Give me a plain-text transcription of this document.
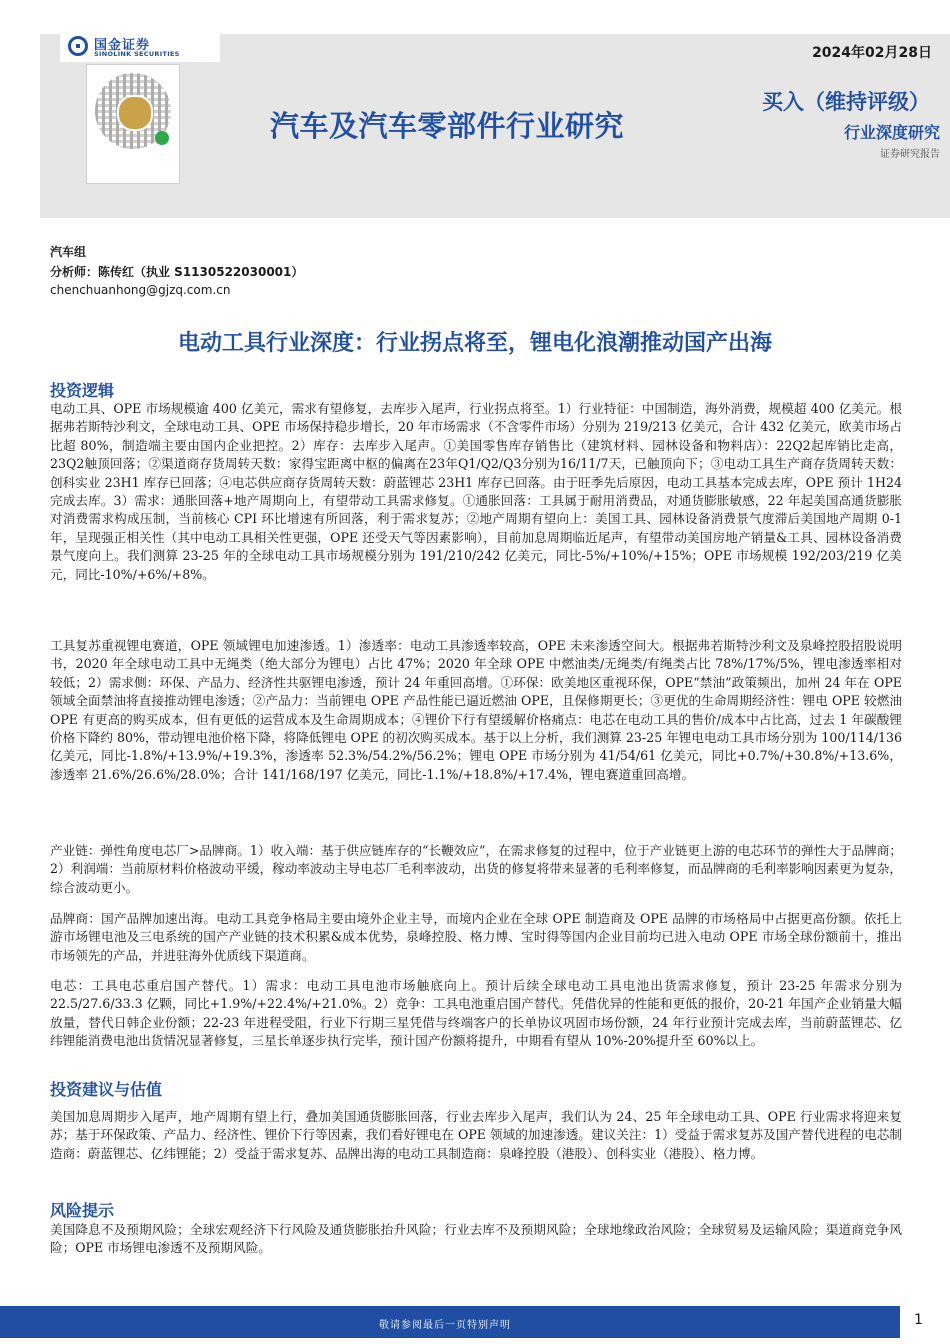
国金证券
SINOLINK SECURITIES	2024年02月28日
汽车及汽车零部件行业研究
买入（维持评级）
行业深度研究
证券研究报告
汽车组
分析师：陈传红（执业 S1130522030001）
chenchuanhong@gjzq.com.cn
电动工具行业深度：行业拐点将至，锂电化浪潮推动国产出海
投资逻辑
电动工具、OPE 市场规模逾 400 亿美元，需求有望修复，去库步入尾声，行业拐点将至。1）行业特征：中国制造，海外消费，规模超 400 亿美元。根据弗若斯特沙利文，全球电动工具、OPE 市场保持稳步增长，20 年市场需求（不含零件市场）分别为 219/213 亿美元，合计 432 亿美元，欧美市场占比超 80%，制造端主要由国内企业把控。2）库存：去库步入尾声。①美国零售库存销售比（建筑材料、园林设备和物料店）：22Q2起库销比走高，23Q2触顶回落；②渠道商存货周转天数：家得宝距离中枢的偏离在23年Q1/Q2/Q3分别为16/11/7天，已触顶向下；③电动工具生产商存货周转天数：创科实业 23H1 库存已回落；④电芯供应商存货周转天数：蔚蓝锂芯 23H1 库存已回落。由于旺季先后原因，电动工具基本完成去库，OPE 预计 1H24 完成去库。3）需求：通胀回落+地产周期向上，有望带动工具需求修复。①通胀回落：工具属于耐用消费品，对通货膨胀敏感，22 年起美国高通货膨胀对消费需求构成压制，当前核心 CPI 环比增速有所回落，利于需求复苏；②地产周期有望向上：美国工具、园林设备消费景气度滞后美国地产周期 0-1 年，呈现强正相关性（其中电动工具相关性更强，OPE 还受天气等因素影响），目前加息周期临近尾声，有望带动美国房地产销量&工具、园林设备消费景气度向上。我们测算 23-25 年的全球电动工具市场规模分别为 191/210/242 亿美元，同比-5%/+10%/+15%；OPE 市场规模 192/203/219 亿美元，同比-10%/+6%/+8%。
工具复苏重视锂电赛道，OPE 领域锂电加速渗透。1）渗透率：电动工具渗透率较高，OPE 未来渗透空间大。根据弗若斯特沙利文及泉峰控股招股说明书，2020 年全球电动工具中无绳类（绝大部分为锂电）占比 47%；2020 年全球 OPE 中燃油类/无绳类/有绳类占比 78%/17%/5%，锂电渗透率相对较低；2）需求侧：环保、产品力、经济性共驱锂电渗透，预计 24 年重回高增。①环保：欧美地区重视环保，OPE“禁油”政策频出，加州 24 年在 OPE 领域全面禁油将直接推动锂电渗透；②产品力：当前锂电 OPE 产品性能已逼近燃油 OPE，且保修期更长；③更优的生命周期经济性：锂电 OPE 较燃油 OPE 有更高的购买成本，但有更低的运营成本及生命周期成本；④锂价下行有望缓解价格痛点：电芯在电动工具的售价/成本中占比高，过去 1 年碳酸锂价格下降约 80%，带动锂电池价格下降，将降低锂电 OPE 的初次购买成本。基于以上分析，我们测算 23-25 年锂电电动工具市场分别为 100/114/136 亿美元，同比-1.8%/+13.9%/+19.3%，渗透率 52.3%/54.2%/56.2%；锂电 OPE 市场分别为 41/54/61 亿美元，同比+0.7%/+30.8%/+13.6%，渗透率 21.6%/26.6%/28.0%；合计 141/168/197 亿美元，同比-1.1%/+18.8%/+17.4%，锂电赛道重回高增。
产业链：弹性角度电芯厂>品牌商。1）收入端：基于供应链库存的“长鞭效应”，在需求修复的过程中，位于产业链更上游的电芯环节的弹性大于品牌商；2）利润端：当前原材料价格波动平缓，稼动率波动主导电芯厂毛利率波动，出货的修复将带来显著的毛利率修复，而品牌商的毛利率影响因素更为复杂，综合波动更小。
品牌商：国产品牌加速出海。电动工具竞争格局主要由境外企业主导，而境内企业在全球 OPE 制造商及 OPE 品牌的市场格局中占据更高份额。依托上游市场锂电池及三电系统的国产产业链的技术积累&成本优势，泉峰控股、格力博、宝时得等国内企业目前均已进入电动 OPE 市场全球份额前十，推出市场领先的产品，并进驻海外优质线下渠道商。
电芯：工具电芯重启国产替代。1）需求：电动工具电池市场触底向上。预计后续全球电动工具电池出货需求修复，预计 23-25 年需求分别为 22.5/27.6/33.3 亿颗，同比+1.9%/+22.4%/+21.0%。2）竞争：工具电池重启国产替代。凭借优异的性能和更低的报价，20-21 年国产企业销量大幅放量，替代日韩企业份额；22-23 年进程受阻，行业下行期三星凭借与终端客户的长单协议巩固市场份额，24 年行业预计完成去库，当前蔚蓝锂芯、亿纬锂能消费电池出货情况显著修复，三星长单逐步执行完毕，预计国产份额将提升，中期看有望从 10%-20%提升至 60%以上。
投资建议与估值
美国加息周期步入尾声，地产周期有望上行，叠加美国通货膨胀回落，行业去库步入尾声，我们认为 24、25 年全球电动工具、OPE 行业需求将迎来复苏；基于环保政策、产品力、经济性、锂价下行等因素，我们看好锂电在 OPE 领域的加速渗透。建议关注：1）受益于需求复苏及国产替代进程的电芯制造商：蔚蓝锂芯、亿纬锂能；2）受益于需求复苏、品牌出海的电动工具制造商：泉峰控股（港股）、创科实业（港股）、格力博。
风险提示
美国降息不及预期风险；全球宏观经济下行风险及通货膨胀抬升风险；行业去库不及预期风险；全球地缘政治风险；全球贸易及运输风险；渠道商竞争风险；OPE 市场锂电渗透不及预期风险。
敬请参阅最后一页特别声明	1
